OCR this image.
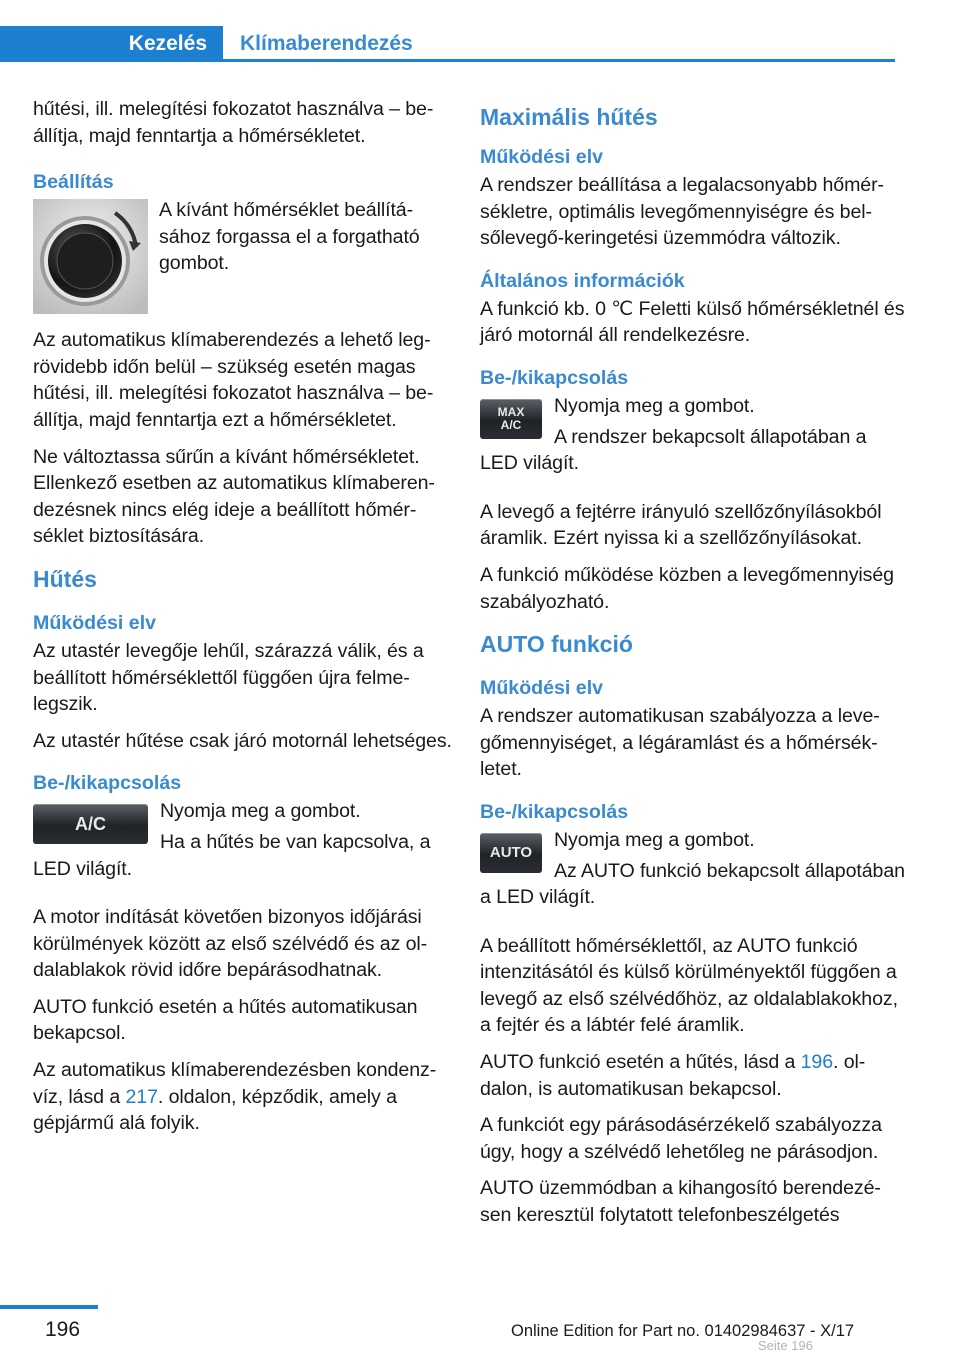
Kezelés	Klímaberendezés

hűtési, ill. melegítési fokozatot használva – beállítja, majd fenntartja a hőmérsékletet.

Beállítás

A kívánt hőmérséklet beállításához forgassa el a forgatható gombot.

Az automatikus klímaberendezés a lehető legrövidebb időn belül – szükség esetén magas hűtési, ill. melegítési fokozatot használva – beállítja, majd fenntartja ezt a hőmérsékletet.

Ne változtassa sűrűn a kívánt hőmérsékletet. Ellenkező esetben az automatikus klímaberendezésnek nincs elég ideje a beállított hőmérséklet biztosítására.

Hűtés
Működési elv

Az utastér levegője lehűl, szárazzá válik, és a beállított hőmérséklettől függően újra felmelegszik.

Az utastér hűtése csak járó motornál lehetséges.

Be-/kikapcsolás
A/C

Nyomja meg a gombot.

Ha a hűtés be van kapcsolva, a LED világít.

A motor indítását követően bizonyos időjárási körülmények között az első szélvédő és az oldalablakok rövid időre bepárásodhatnak.

AUTO funkció esetén a hűtés automatikusan bekapcsol.

Az automatikus klímaberendezésben kondenzvíz, lásd a 217. oldalon, képződik, amely a gépjármű alá folyik.

Maximális hűtés
Működési elv

A rendszer beállítása a legalacsonyabb hőmérsékletre, optimális levegőmennyiségre és belsőlevegő-keringetési üzemmódra változik.

Általános információk

A funkció kb. 0 ℃ Feletti külső hőmérsékletnél és járó motornál áll rendelkezésre.

Be-/kikapcsolás
MAX
A/C

Nyomja meg a gombot.

A rendszer bekapcsolt állapotában a LED világít.

A levegő a fejtérre irányuló szellőzőnyílásokból áramlik. Ezért nyissa ki a szellőzőnyílásokat.

A funkció működése közben a levegőmennyiség szabályozható.

AUTO funkció
Működési elv

A rendszer automatikusan szabályozza a levegőmennyiséget, a légáramlást és a hőmérsékletet.

Be-/kikapcsolás
AUTO

Nyomja meg a gombot.

Az AUTO funkció bekapcsolt állapotában a LED világít.

A beállított hőmérséklettől, az AUTO funkció intenzitásától és külső körülményektől függően a levegő az első szélvédőhöz, az oldalablakokhoz, a fejtér és a lábtér felé áramlik.

AUTO funkció esetén a hűtés, lásd a 196. oldalon, is automatikusan bekapcsol.

A funkciót egy párásodásérzékelő szabályozza úgy, hogy a szélvédő lehetőleg ne párásodjon.

AUTO üzemmódban a kihangosító berendezésen keresztül folytatott telefonbeszélgetés

196	Online Edition for Part no. 01402984637 - X/17
Seite 196
